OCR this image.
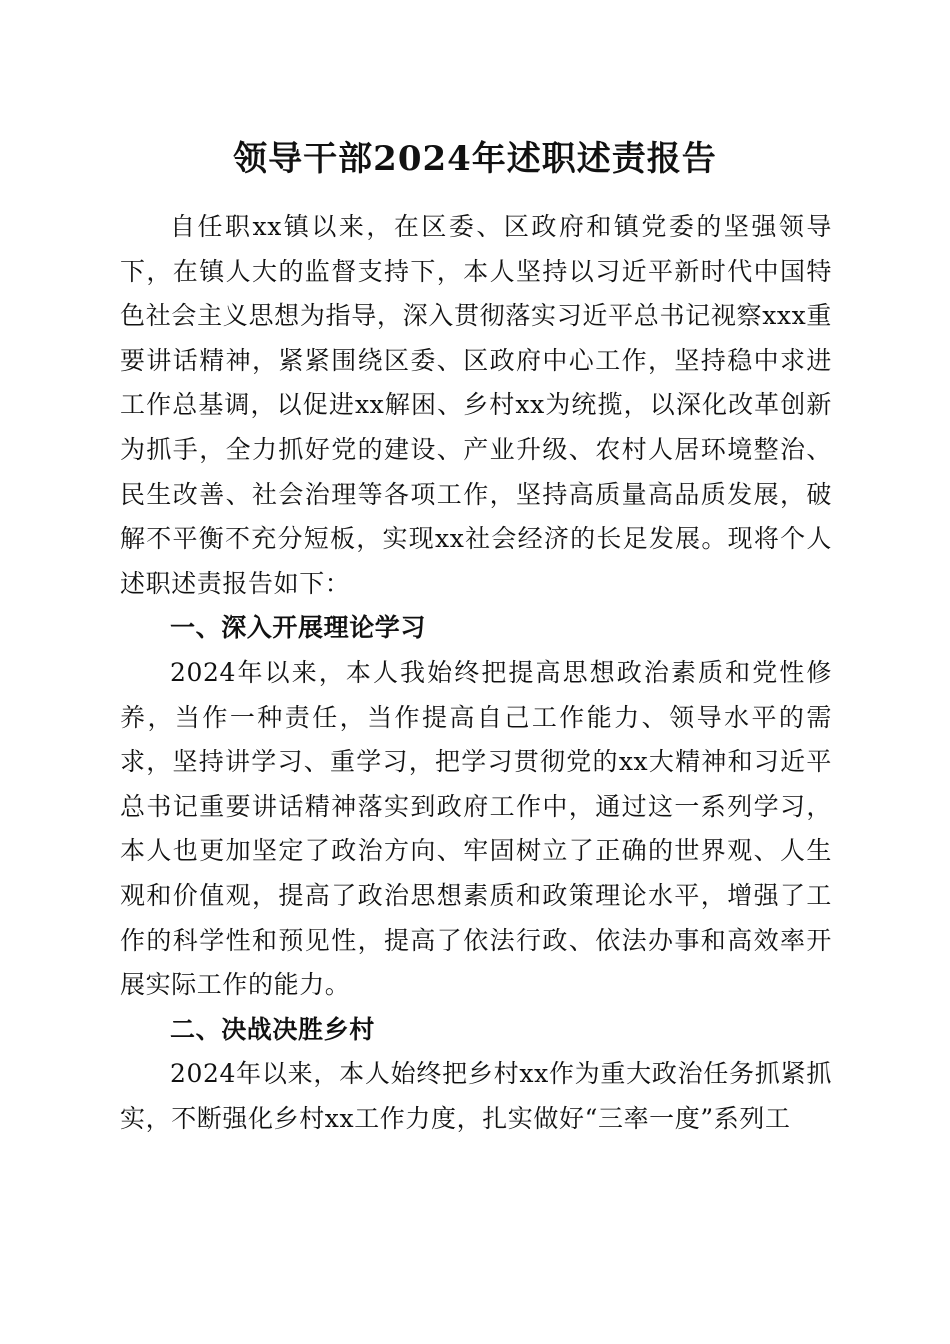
领导干部2024年述职述责报告

自任职xx镇以来，在区委、区政府和镇党委的坚强领导下，在镇人大的监督支持下，本人坚持以习近平新时代中国特色社会主义思想为指导，深入贯彻落实习近平总书记视察xxx重要讲话精神，紧紧围绕区委、区政府中心工作，坚持稳中求进工作总基调，以促进xx解困、乡村xx为统揽，以深化改革创新为抓手，全力抓好党的建设、产业升级、农村人居环境整治、民生改善、社会治理等各项工作，坚持高质量高品质发展，破解不平衡不充分短板，实现xx社会经济的长足发展。现将个人述职述责报告如下：

一、深入开展理论学习

2024年以来，本人我始终把提高思想政治素质和党性修养，当作一种责任，当作提高自己工作能力、领导水平的需求，坚持讲学习、重学习，把学习贯彻党的xx大精神和习近平总书记重要讲话精神落实到政府工作中，通过这一系列学习，本人也更加坚定了政治方向、牢固树立了正确的世界观、人生观和价值观，提高了政治思想素质和政策理论水平，增强了工作的科学性和预见性，提高了依法行政、依法办事和高效率开展实际工作的能力。

二、决战决胜乡村

2024年以来，本人始终把乡村xx作为重大政治任务抓紧抓实，不断强化乡村xx工作力度，扎实做好“三率一度”系列工
